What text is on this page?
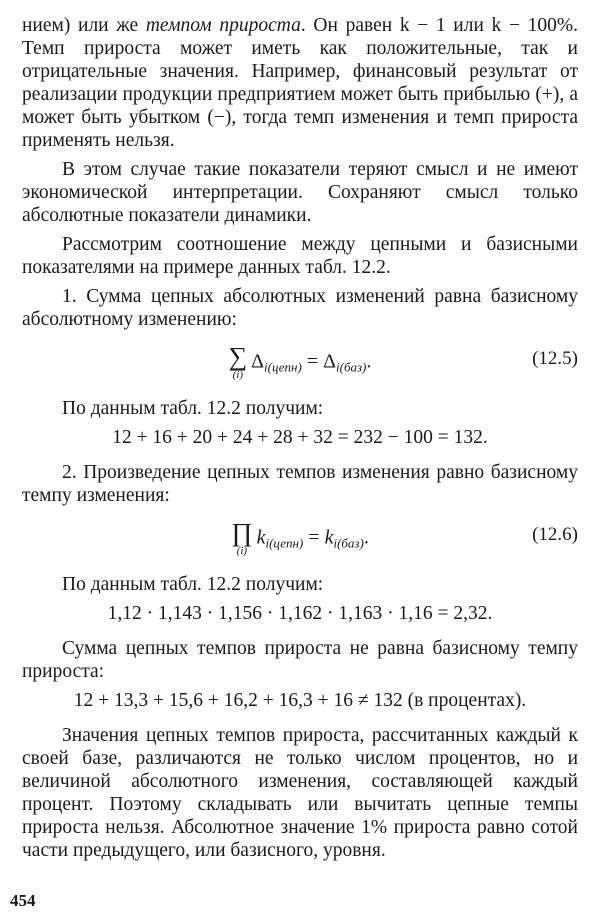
нием) или же темпом прироста. Он равен k − 1 или k − 100%. Темп прироста может иметь как положительные, так и отрицательные значения. Например, финансовый результат от реализации продукции предприятием может быть прибылью (+), а может быть убытком (−), тогда темп изменения и темп прироста применять нельзя.

В этом случае такие показатели теряют смысл и не имеют экономической интерпретации. Сохраняют смысл только абсолютные показатели динамики.

Рассмотрим соотношение между цепными и базисными показателями на примере данных табл. 12.2.

1. Сумма цепных абсолютных изменений равна базисному абсолютному изменению:

∑
(i)
$\Delta_{i(цепн)} = \Delta_{i(баз)}$.	(12.5)

По данным табл. 12.2 получим:

12 + 16 + 20 + 24 + 28 + 32 = 232 − 100 = 132.

2. Произведение цепных темпов изменения равно базисному темпу изменения:

∏
(i)
$k_{i(цепн)} = k_{i(баз)}$.	(12.6)

По данным табл. 12.2 получим:

1,12 · 1,143 · 1,156 · 1,162 · 1,163 · 1,16 = 2,32.

Сумма цепных темпов прироста не равна базисному темпу прироста:

12 + 13,3 + 15,6 + 16,2 + 16,3 + 16 ≠ 132 (в процентах).

Значения цепных темпов прироста, рассчитанных каждый к своей базе, различаются не только числом процентов, но и величиной абсолютного изменения, составляющей каждый процент. Поэтому складывать или вычитать цепные темпы прироста нельзя. Абсолютное значение 1% прироста равно сотой части предыдущего, или базисного, уровня.

454
